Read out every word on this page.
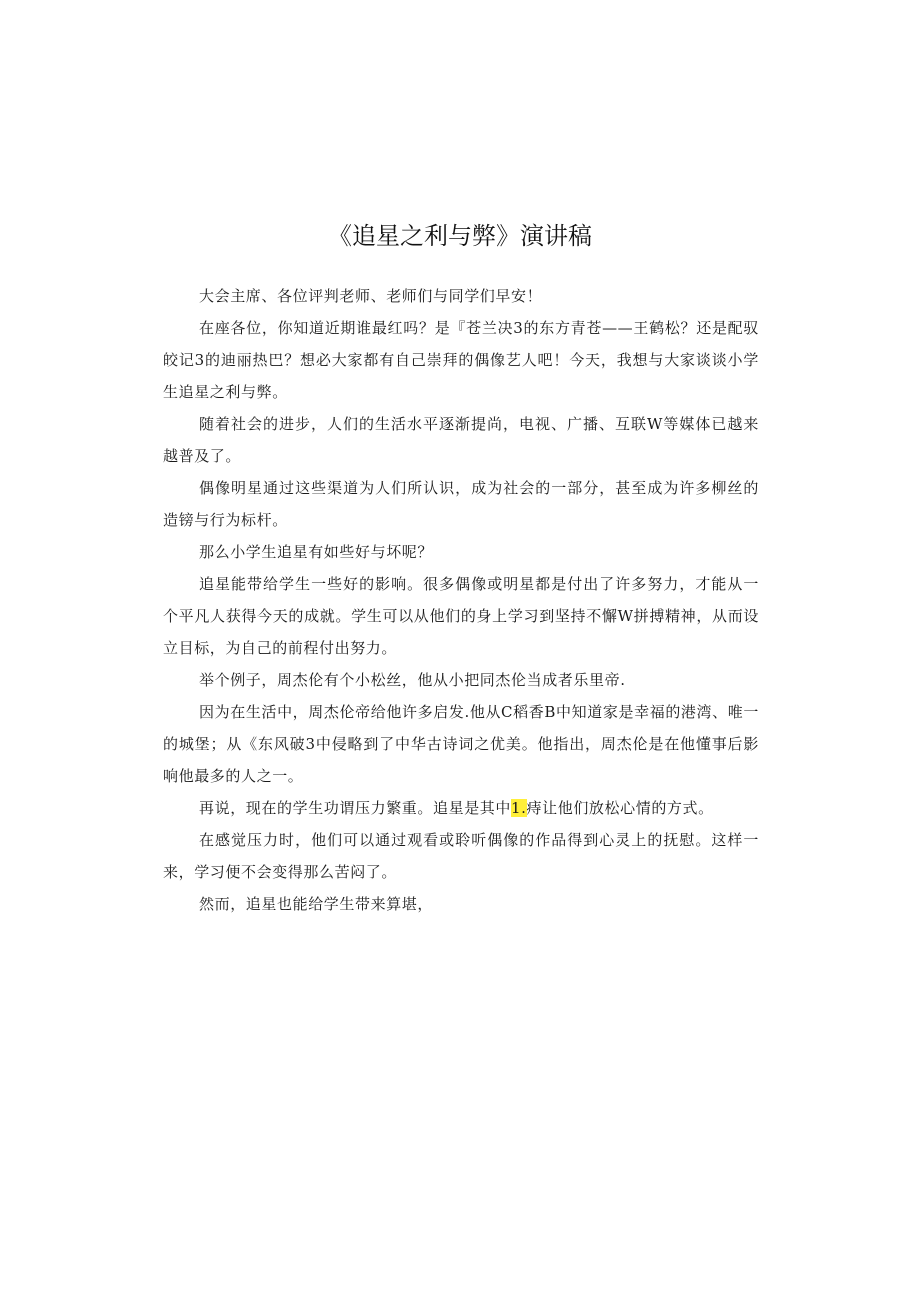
《追星之利与弊》演讲稿

大会主席、各位评判老师、老师们与同学们早安！

在座各位，你知道近期谁最红吗？是『苍兰决3的东方青苍——王鹤松？还是配驭皎记3的迪丽热巴？想必大家都有自己崇拜的偶像艺人吧！今天，我想与大家谈谈小学生追星之利与弊。

随着社会的进步，人们的生活水平逐渐提尚，电视、广播、互联W等媒体已越来越普及了。

偶像明星通过这些渠道为人们所认识，成为社会的一部分，甚至成为许多柳丝的造镑与行为标杆。

那么小学生追星有如些好与坏呢？

追星能带给学生一些好的影响。很多偶像或明星都是付出了许多努力，才能从一个平凡人获得今天的成就。学生可以从他们的身上学习到坚持不懈W拼搏精神，从而设立目标，为自己的前程付出努力。

举个例子，周杰伦有个小松丝，他从小把同杰伦当成者乐里帝.

因为在生活中，周杰伦帝给他许多启发.他从C稻香B中知道家是幸福的港湾、唯一的城堡；从《东风破3中侵略到了中华古诗词之优美。他指出，周杰伦是在他懂事后影响他最多的人之一。

再说，现在的学生功谓压力繁重。追星是其中1.痔让他们放松心情的方式。

在感觉压力时，他们可以通过观看或聆听偶像的作品得到心灵上的抚慰。这样一来，学习便不会变得那么苦闷了。

然而，追星也能给学生带来算堪，
